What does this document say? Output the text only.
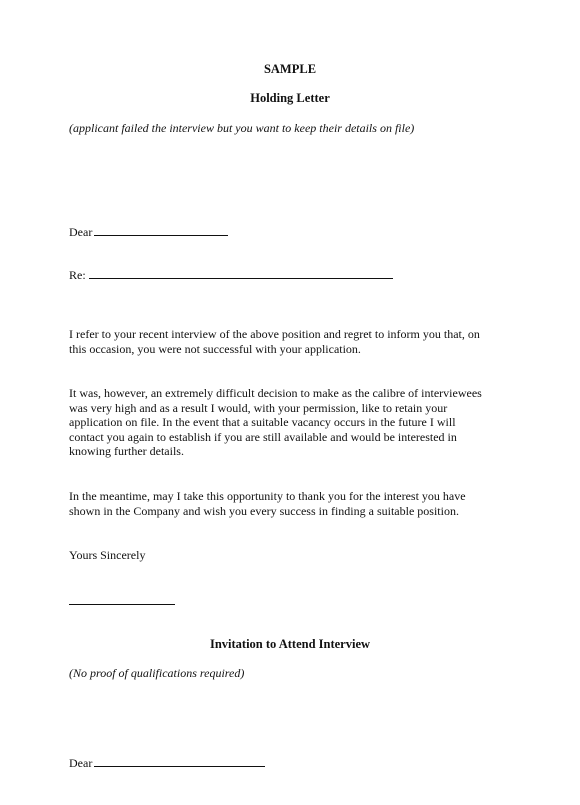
SAMPLE
Holding Letter
(applicant failed the interview but you want to keep their details on file)
Dear
Re:

I refer to your recent interview of the above position and regret to inform you that, on

this occasion, you were not successful with your application.

It was, however, an extremely difficult decision to make as the calibre of interviewees

was very high and as a result I would, with your permission, like to retain your

application on file. In the event that a suitable vacancy occurs in the future I will

contact you again to establish if you are still available and would be interested in

knowing further details.

In the meantime, may I take this opportunity to thank you for the interest you have

shown in the Company and wish you every success in finding a suitable position.

Yours Sincerely
Invitation to Attend Interview
(No proof of qualifications required)
Dear
